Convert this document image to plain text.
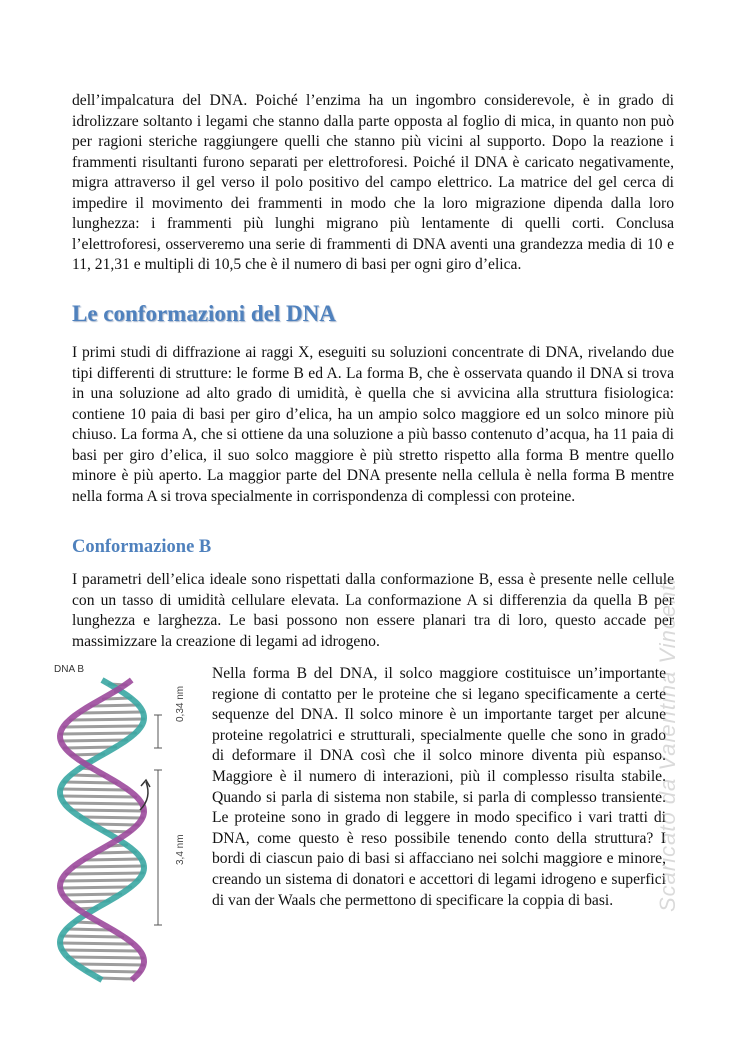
dell’impalcatura del DNA. Poiché l’enzima ha un ingombro considerevole, è in grado di idrolizzare soltanto i legami che stanno dalla parte opposta al foglio di mica, in quanto non può per ragioni steriche raggiungere quelli che stanno più vicini al supporto. Dopo la reazione i frammenti risultanti furono separati per elettroforesi. Poiché il DNA è caricato negativamente, migra attraverso il gel verso il polo positivo del campo elettrico. La matrice del gel cerca di impedire il movimento dei frammenti in modo che la loro migrazione dipenda dalla loro lunghezza: i frammenti più lunghi migrano più lentamente di quelli corti. Conclusa l’elettroforesi, osserveremo una serie di frammenti di DNA aventi una grandezza media di 10 e 11, 21,31 e multipli di 10,5 che è il numero di basi per ogni giro d’elica.

Le conformazioni del DNA

I primi studi di diffrazione ai raggi X, eseguiti su soluzioni concentrate di DNA, rivelando due tipi differenti di strutture: le forme B ed A. La forma B, che è osservata quando il DNA si trova in una soluzione ad alto grado di umidità, è quella che si avvicina alla struttura fisiologica: contiene 10 paia di basi per giro d’elica, ha un ampio solco maggiore ed un solco minore più chiuso. La forma A, che si ottiene da una soluzione a più basso contenuto d’acqua, ha 11 paia di basi per giro d’elica, il suo solco maggiore è più stretto rispetto alla forma B mentre quello minore è più aperto. La maggior parte del DNA presente nella cellula è nella forma B mentre nella forma A si trova specialmente in corrispondenza di complessi con proteine.

Conformazione B

I parametri dell’elica ideale sono rispettati dalla conformazione B, essa è presente nelle cellule con un tasso di umidità cellulare elevata. La conformazione A si differenzia da quella B per lunghezza e larghezza. Le basi possono non essere planari tra di loro, questo accade per massimizzare la creazione di legami ad idrogeno.

DNA B
0,34 nm
3,4 nm

Nella forma B del DNA, il solco maggiore costituisce un’importante regione di contatto per le proteine che si legano specificamente a certe sequenze del DNA. Il solco minore è un importante target per alcune proteine regolatrici e strutturali, specialmente quelle che sono in grado di deformare il DNA così che il solco minore diventa più espanso. Maggiore è il numero di interazioni, più il complesso risulta stabile. Quando si parla di sistema non stabile, si parla di complesso transiente. Le proteine sono in grado di leggere in modo specifico i vari tratti di DNA, come questo è reso possibile tenendo conto della struttura? I bordi di ciascun paio di basi si affacciano nei solchi maggiore e minore, creando un sistema di donatori e accettori di legami idrogeno e superfici di van der Waals che permettono di specificare la coppia di basi.	Scaricato da Valentina Vincenti
